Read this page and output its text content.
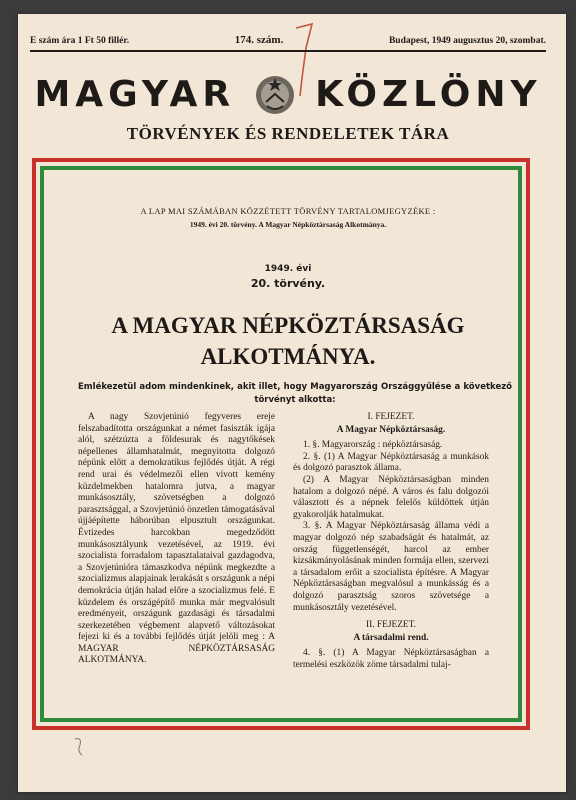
E szám ára 1 Ft 50 fillér.	174. szám.	Budapest, 1949 augusztus 20, szombat.
MAGYAR KÖZLÖNY
TÖRVÉNYEK ÉS RENDELETEK TÁRA
A LAP MAI SZÁMÁBAN KÖZZÉTETT TÖRVÉNY TARTALOMJEGYZÉKE :
1949. évi 20. törvény. A Magyar Népköztársaság Alkotmánya.
1949. évi
20. törvény.
A MAGYAR NÉPKÖZTÁRSASÁG
ALKOTMÁNYA.
Emlékezetül adom mindenkinek, akit illet, hogy Magyarország Országgyűlése a következő törvényt alkotta:

A nagy Szovjetúnió fegyveres ereje felszabadította országunkat a német fasiszták igája alól, szétzúzta a földesurak és nagytőkések népellenes államhatalmát, megnyitotta dolgozó népünk előtt a demokratikus fejlődés útját. A régi rend urai és védelmezői ellen vívott kemény küzdelmekben hatalomra jutva, a magyar munkásosztály, szövetségben a dolgozó parasztsággal, a Szovjetúnió önzetlen támogatásával újjáépítette háborúban elpusztult országunkat. Évtizedes harcokban megedződött munkásosztályunk vezetésével, az 1919. évi szocialista forradalom tapasztalataival gazdagodva, a Szovjetúnióra támaszkodva népünk megkezdte a szocializmus alapjainak lerakását s országunk a népi demokrácia útján halad előre a szocializmus felé. E küzdelem és országépítő munka már megvalósult eredményeit, országunk gazdasági és társadalmi szerkezetében végbement alapvető változásokat fejezi ki és a további fejlődés útját jelöli meg : A MAGYAR NÉPKÖZTÁRSASÁG ALKOTMÁNYA.

I. FEJEZET.

A Magyar Népköztársaság.

1. §. Magyarország : népköztársaság.

2. §. (1) A Magyar Népköztársaság a munkások és dolgozó parasztok állama.

(2) A Magyar Népköztársaságban minden hatalom a dolgozó népé. A város és falu dolgozói választott és a népnek felelős küldöttek útján gyakorolják hatalmukat.

3. §. A Magyar Népköztársaság állama védi a magyar dolgozó nép szabadságát és hatalmát, az ország függetlenségét, harcol az ember kizsákmányolásának minden formája ellen, szervezi a társadalom erőit a szocialista építésre. A Magyar Népköztársaságban megvalósul a munkásság és a dolgozó parasztság szoros szövetsége a munkásosztály vezetésével.

II. FEJEZET.

A társadalmi rend.

4. §. (1) A Magyar Népköztársaságban a termelési eszközök zöme társadalmi tulaj-
